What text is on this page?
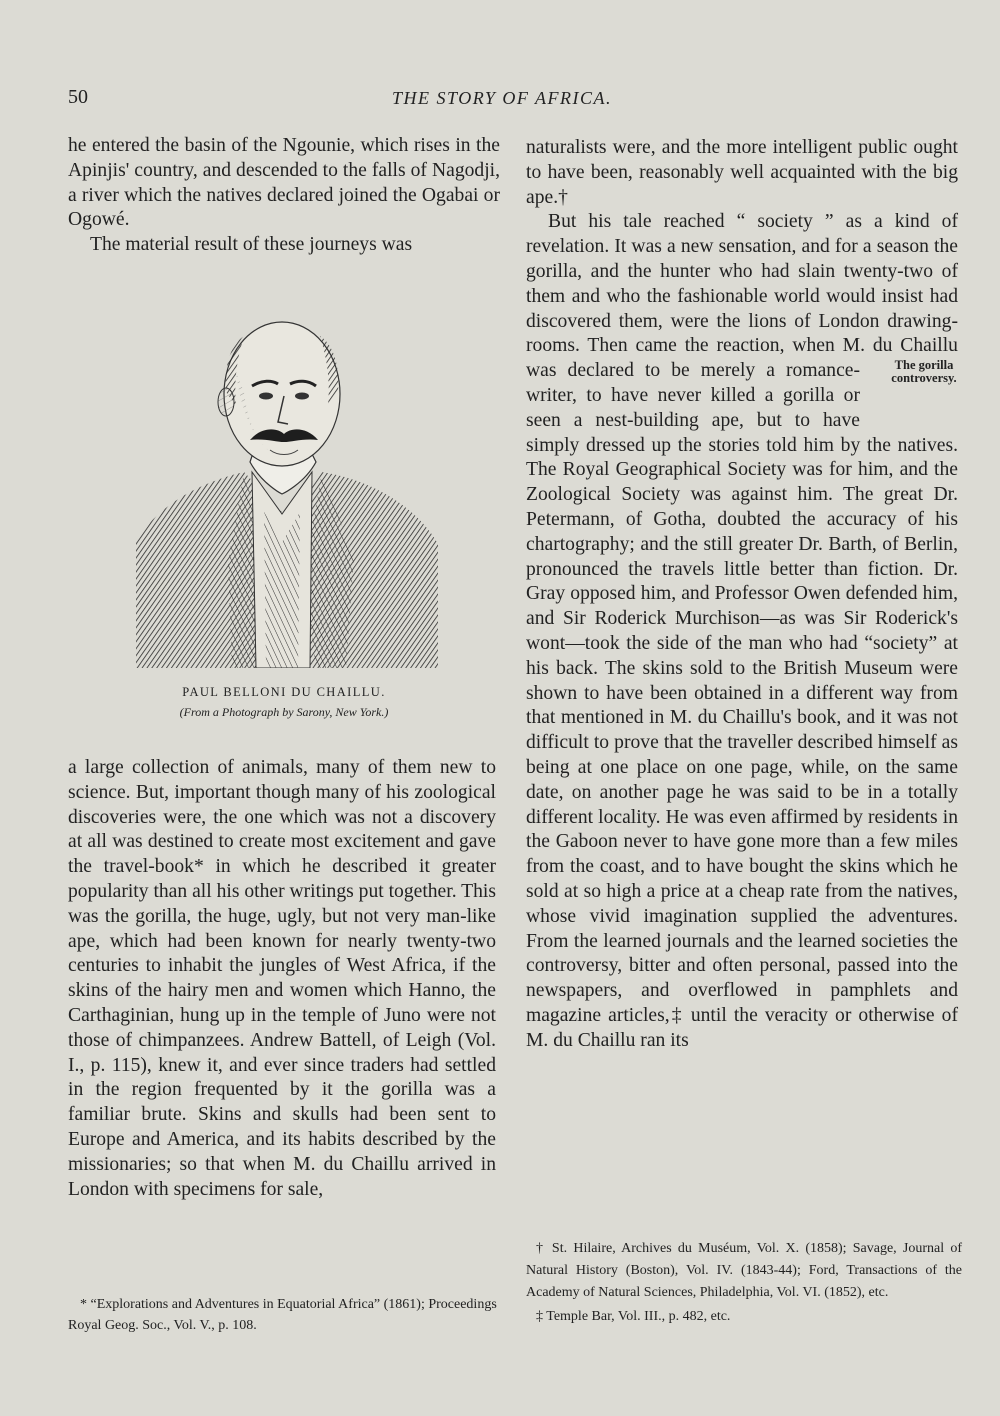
50	THE STORY OF AFRICA.

he entered the basin of the Ngounie, which rises in the Apinjis' country, and descended to the falls of Nagodji, a river which the natives declared joined the Ogabai or Ogowé.

The material result of these journeys was

PAUL BELLONI DU CHAILLU.
(From a Photograph by Sarony, New York.)

a large collection of animals, many of them new to science. But, important though many of his zoological discoveries were, the one which was not a discovery at all was destined to create most excitement and gave the travel-book* in which he described it greater popularity than all his other writings put together. This was the gorilla, the huge, ugly, but not very man-like ape, which had been known for nearly twenty-two centuries to inhabit the jungles of West Africa, if the skins of the hairy men and women which Hanno, the Carthaginian, hung up in the temple of Juno were not those of chimpanzees. Andrew Battell, of Leigh (Vol. I., p. 115), knew it, and ever since traders had settled in the region frequented by it the gorilla was a familiar brute. Skins and skulls had been sent to Europe and America, and its habits described by the missionaries; so that when M. du Chaillu arrived in London with specimens for sale,

naturalists were, and the more intelligent public ought to have been, reasonably well acquainted with the big ape.†

But his tale reached “ society ” as a kind of revelation. It was a new sensation, and for a season the gorilla, and the hunter who had slain twenty-two of them and who the fashionable world would insist had discovered them, were the lions of London drawing-rooms. Then came the reaction, when M. du
The gorilla
controversy.
Chaillu was declared to be merely a romance-writer, to have never killed a gorilla or seen a nest-building ape, but to have simply dressed up the stories told him by the natives. The Royal Geographical Society was for him, and the Zoological Society was against him. The great Dr. Petermann, of Gotha, doubted the accuracy of his chartography; and the still greater Dr. Barth, of Berlin, pronounced the travels little better than fiction. Dr. Gray opposed him, and Professor Owen defended him, and Sir Roderick Murchison—as was Sir Roderick's wont—took the side of the man who had “society” at his back. The skins sold to the British Museum were shown to have been obtained in a different way from that mentioned in M. du Chaillu's book, and it was not difficult to prove that the traveller described himself as being at one place on one page, while, on the same date, on another page he was said to be in a totally different locality. He was even affirmed by residents in the Gaboon never to have gone more than a few miles from the coast, and to have bought the skins which he sold at so high a price at a cheap rate from the natives, whose vivid imagination supplied the adventures. From the learned journals and the learned societies the controversy, bitter and often personal, passed into the newspapers, and overflowed in pamphlets and magazine articles,‡ until the veracity or otherwise of M. du Chaillu ran its

* “Explorations and Adventures in Equatorial Africa” (1861); Proceedings Royal Geog. Soc., Vol. V., p. 108.

† St. Hilaire, Archives du Muséum, Vol. X. (1858); Savage, Journal of Natural History (Boston), Vol. IV. (1843-44); Ford, Transactions of the Academy of Natural Sciences, Philadelphia, Vol. VI. (1852), etc.

‡ Temple Bar, Vol. III., p. 482, etc.
